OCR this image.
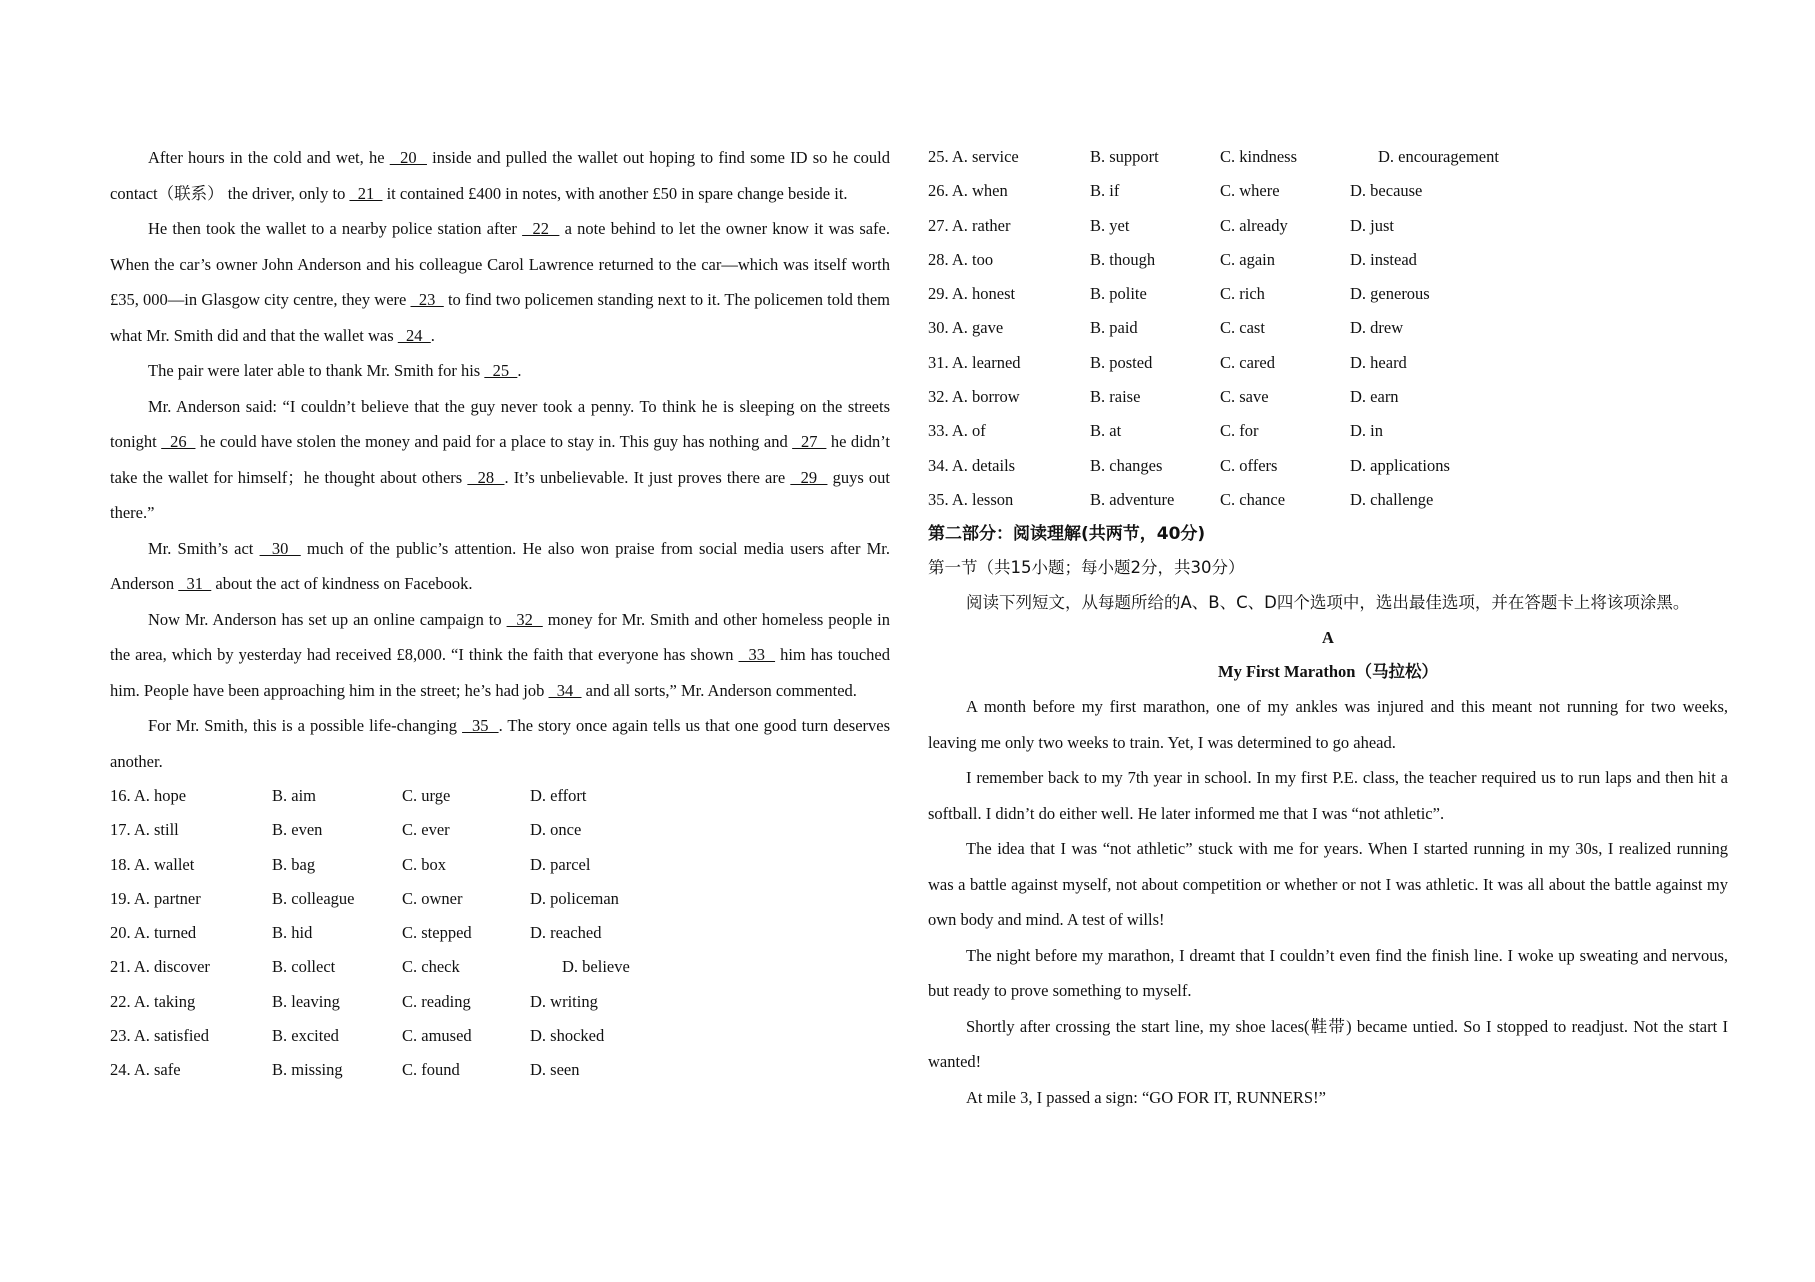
After hours in the cold and wet, he   20   inside and pulled the wallet out hoping to find some ID so he could contact（联系） the driver, only to   21   it contained £400 in notes, with another £50 in spare change beside it.

He then took the wallet to a nearby police station after   22   a note behind to let the owner know it was safe. When the car’s owner John Anderson and his colleague Carol Lawrence returned to the car—which was itself worth £35, 000—in Glasgow city centre, they were   23   to find two policemen standing next to it. The policemen told them what Mr. Smith did and that the wallet was   24  .

The pair were later able to thank Mr. Smith for his   25  .

Mr. Anderson said: “I couldn’t believe that the guy never took a penny. To think he is sleeping on the streets tonight   26   he could have stolen the money and paid for a place to stay in. This guy has nothing and   27   he didn’t take the wallet for himself；he thought about others   28  . It’s unbelievable. It just proves there are   29   guys out there.”

Mr. Smith’s act   30   much of the public’s attention. He also won praise from social media users after Mr. Anderson   31   about the act of kindness on Facebook.

Now Mr. Anderson has set up an online campaign to   32   money for Mr. Smith and other homeless people in the area, which by yesterday had received £8,000. “I think the faith that everyone has shown   33   him has touched him. People have been approaching him in the street; he’s had job   34   and all sorts,” Mr. Anderson commented.

For Mr. Smith, this is a possible life-changing   35  . The story once again tells us that one good turn deserves another.

16. A. hope	B. aim	C. urge	D. effort
17. A. still	B. even	C. ever	D. once
18. A. wallet	B. bag	C. box	D. parcel
19. A. partner	B. colleague	C. owner	D. policeman
20. A. turned	B. hid	C. stepped	D. reached
21. A. discover	B. collect	C. check	D. believe
22. A. taking	B. leaving	C. reading	D. writing
23. A. satisfied	B. excited	C. amused	D. shocked
24. A. safe	B. missing	C. found	D. seen
25. A. service	B. support	C. kindness	D. encouragement
26. A. when	B. if	C. where	D. because
27. A. rather	B. yet	C. already	D. just
28. A. too	B. though	C. again	D. instead
29. A. honest	B. polite	C. rich	D. generous
30. A. gave	B. paid	C. cast	D. drew
31. A. learned	B. posted	C. cared	D. heard
32. A. borrow	B. raise	C. save	D. earn
33. A. of	B. at	C. for	D. in
34. A. details	B. changes	C. offers	D. applications
35. A. lesson	B. adventure	C. chance	D. challenge
第二部分：阅读理解(共两节，40分)
第一节（共15小题；每小题2分，共30分）

阅读下列短文，从每题所给的A、B、C、D四个选项中，选出最佳选项，并在答题卡上将该项涂黑。

A
My First Marathon（马拉松）

A month before my first marathon, one of my ankles was injured and this meant not running for two weeks, leaving me only two weeks to train. Yet, I was determined to go ahead.

I remember back to my 7th year in school. In my first P.E. class, the teacher required us to run laps and then hit a softball. I didn’t do either well. He later informed me that I was “not athletic”.

The idea that I was “not athletic” stuck with me for years. When I started running in my 30s, I realized running was a battle against myself, not about competition or whether or not I was athletic. It was all about the battle against my own body and mind. A test of wills!

The night before my marathon, I dreamt that I couldn’t even find the finish line. I woke up sweating and nervous, but ready to prove something to myself.

Shortly after crossing the start line, my shoe laces(鞋带) became untied. So I stopped to readjust. Not the start I wanted!

At mile 3, I passed a sign: “GO FOR IT, RUNNERS!”
